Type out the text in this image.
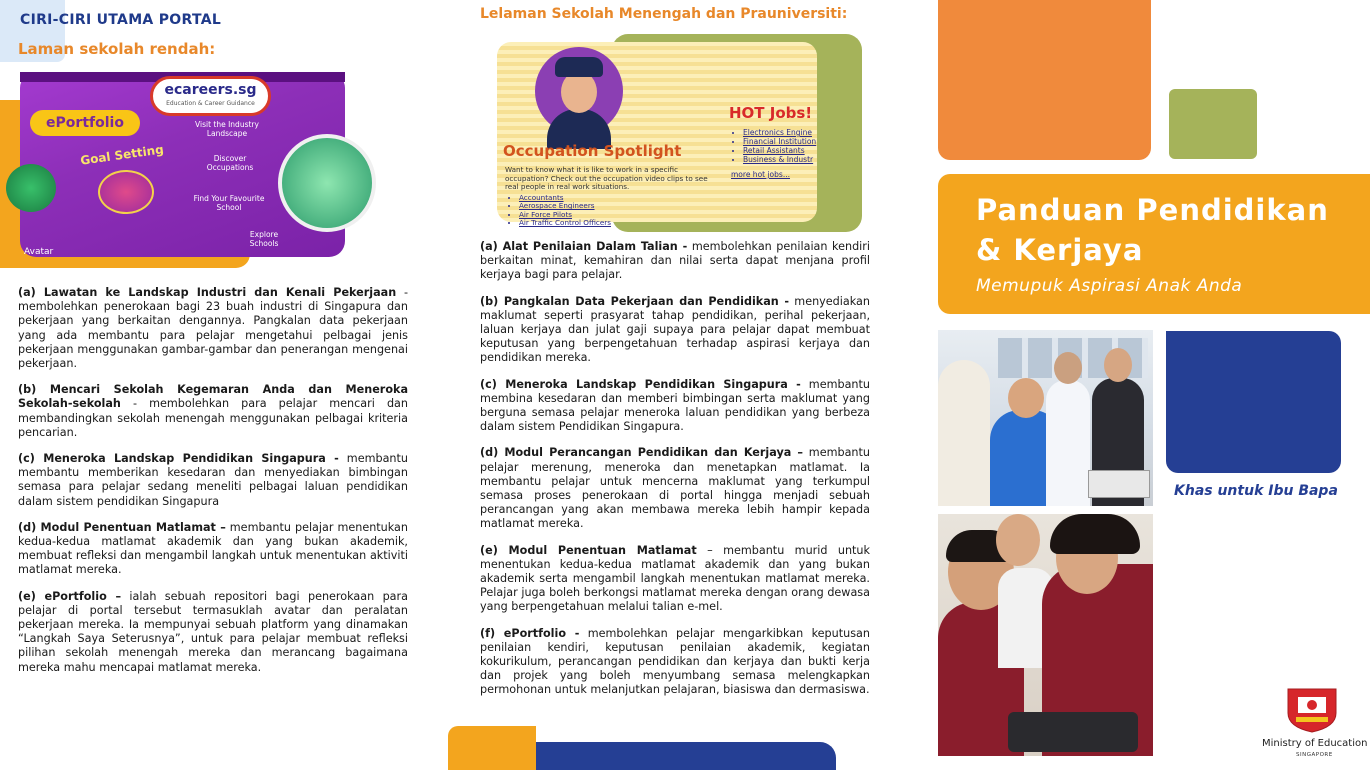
CIRI-CIRI UTAMA PORTAL
Laman sekolah rendah:
ecareers.sg
Education & Career Guidance
ePortfolio
Goal Setting
Visit the Industry Landscape
Discover Occupations
Find Your Favourite School
Explore Schools
Avatar

(a) Lawatan ke Landskap Industri dan Kenali Pekerjaan - membolehkan penerokaan bagi 23 buah industri di Singapura dan pekerjaan yang berkaitan dengannya. Pangkalan data pekerjaan yang ada membantu para pelajar mengetahui pelbagai jenis pekerjaan menggunakan gambar-gambar dan penerangan mengenai pekerjaan.

(b) Mencari Sekolah Kegemaran Anda dan Meneroka Sekolah-sekolah - membolehkan para pelajar mencari dan membandingkan sekolah menengah menggunakan pelbagai kriteria pencarian.

(c) Meneroka Landskap Pendidikan Singapura - membantu membantu memberikan kesedaran dan menyediakan bimbingan semasa para pelajar sedang meneliti pelbagai laluan pendidikan dalam sistem pendidikan Singapura

(d) Modul Penentuan Matlamat – membantu pelajar menentukan kedua-kedua matlamat akademik dan yang bukan akademik, membuat refleksi dan mengambil langkah untuk menentukan aktiviti matlamat mereka.

(e) ePortfolio – ialah sebuah repositori bagi penerokaan para pelajar di portal tersebut termasuklah avatar dan peralatan pekerjaan mereka. Ia mempunyai sebuah platform yang dinamakan “Langkah Saya Seterusnya”, untuk para pelajar membuat refleksi pilihan sekolah menengah mereka dan merancang bagaimana mereka mahu mencapai matlamat mereka.

Lelaman Sekolah Menengah dan Prauniversiti:
HOT Jobs!
• Electronics Engine
• Financial Institution
• Retail Assistants
• Business & Industr
more hot jobs...
Occupation Spotlight
Want to know what it is like to work in a specific occupation? Check out the occupation video clips to see real people in real work situations.
• Accountants
• Aerospace Engineers
• Air Force Pilots
• Air Traffic Control Officers

(a) Alat Penilaian Dalam Talian - membolehkan penilaian kendiri berkaitan minat, kemahiran dan nilai serta dapat menjana profil kerjaya bagi para pelajar.

(b) Pangkalan Data Pekerjaan dan Pendidikan - menyediakan maklumat seperti prasyarat tahap pendidikan, perihal pekerjaan, laluan kerjaya dan julat gaji supaya para pelajar dapat membuat keputusan yang berpengetahuan terhadap aspirasi kerjaya dan pendidikan mereka.

(c) Meneroka Landskap Pendidikan Singapura - membantu membina kesedaran dan memberi bimbingan serta maklumat yang berguna semasa pelajar meneroka laluan pendidikan yang berbeza dalam sistem Pendidikan Singapura.

(d) Modul Perancangan Pendidikan dan Kerjaya – membantu pelajar merenung, meneroka dan menetapkan matlamat. Ia membantu pelajar untuk mencerna maklumat yang terkumpul semasa proses penerokaan di portal hingga menjadi sebuah perancangan yang akan membawa mereka lebih hampir kepada matlamat mereka.

(e) Modul Penentuan Matlamat – membantu murid untuk menentukan kedua-kedua matlamat akademik dan yang bukan akademik serta mengambil langkah menentukan matlamat mereka. Pelajar juga boleh berkongsi matlamat mereka dengan orang dewasa yang berpengetahuan melalui talian e-mel.

(f) ePortfolio - membolehkan pelajar mengarkibkan keputusan penilaian kendiri, keputusan penilaian akademik, kegiatan kokurikulum, perancangan pendidikan dan kerjaya dan bukti kerja dan projek yang boleh menyumbang semasa melengkapkan permohonan untuk melanjutkan pelajaran, biasiswa dan dermasiswa.

Panduan Pendidikan
& Kerjaya
Memupuk Aspirasi Anak Anda
Khas untuk Ibu Bapa
Ministry of Education
SINGAPORE
